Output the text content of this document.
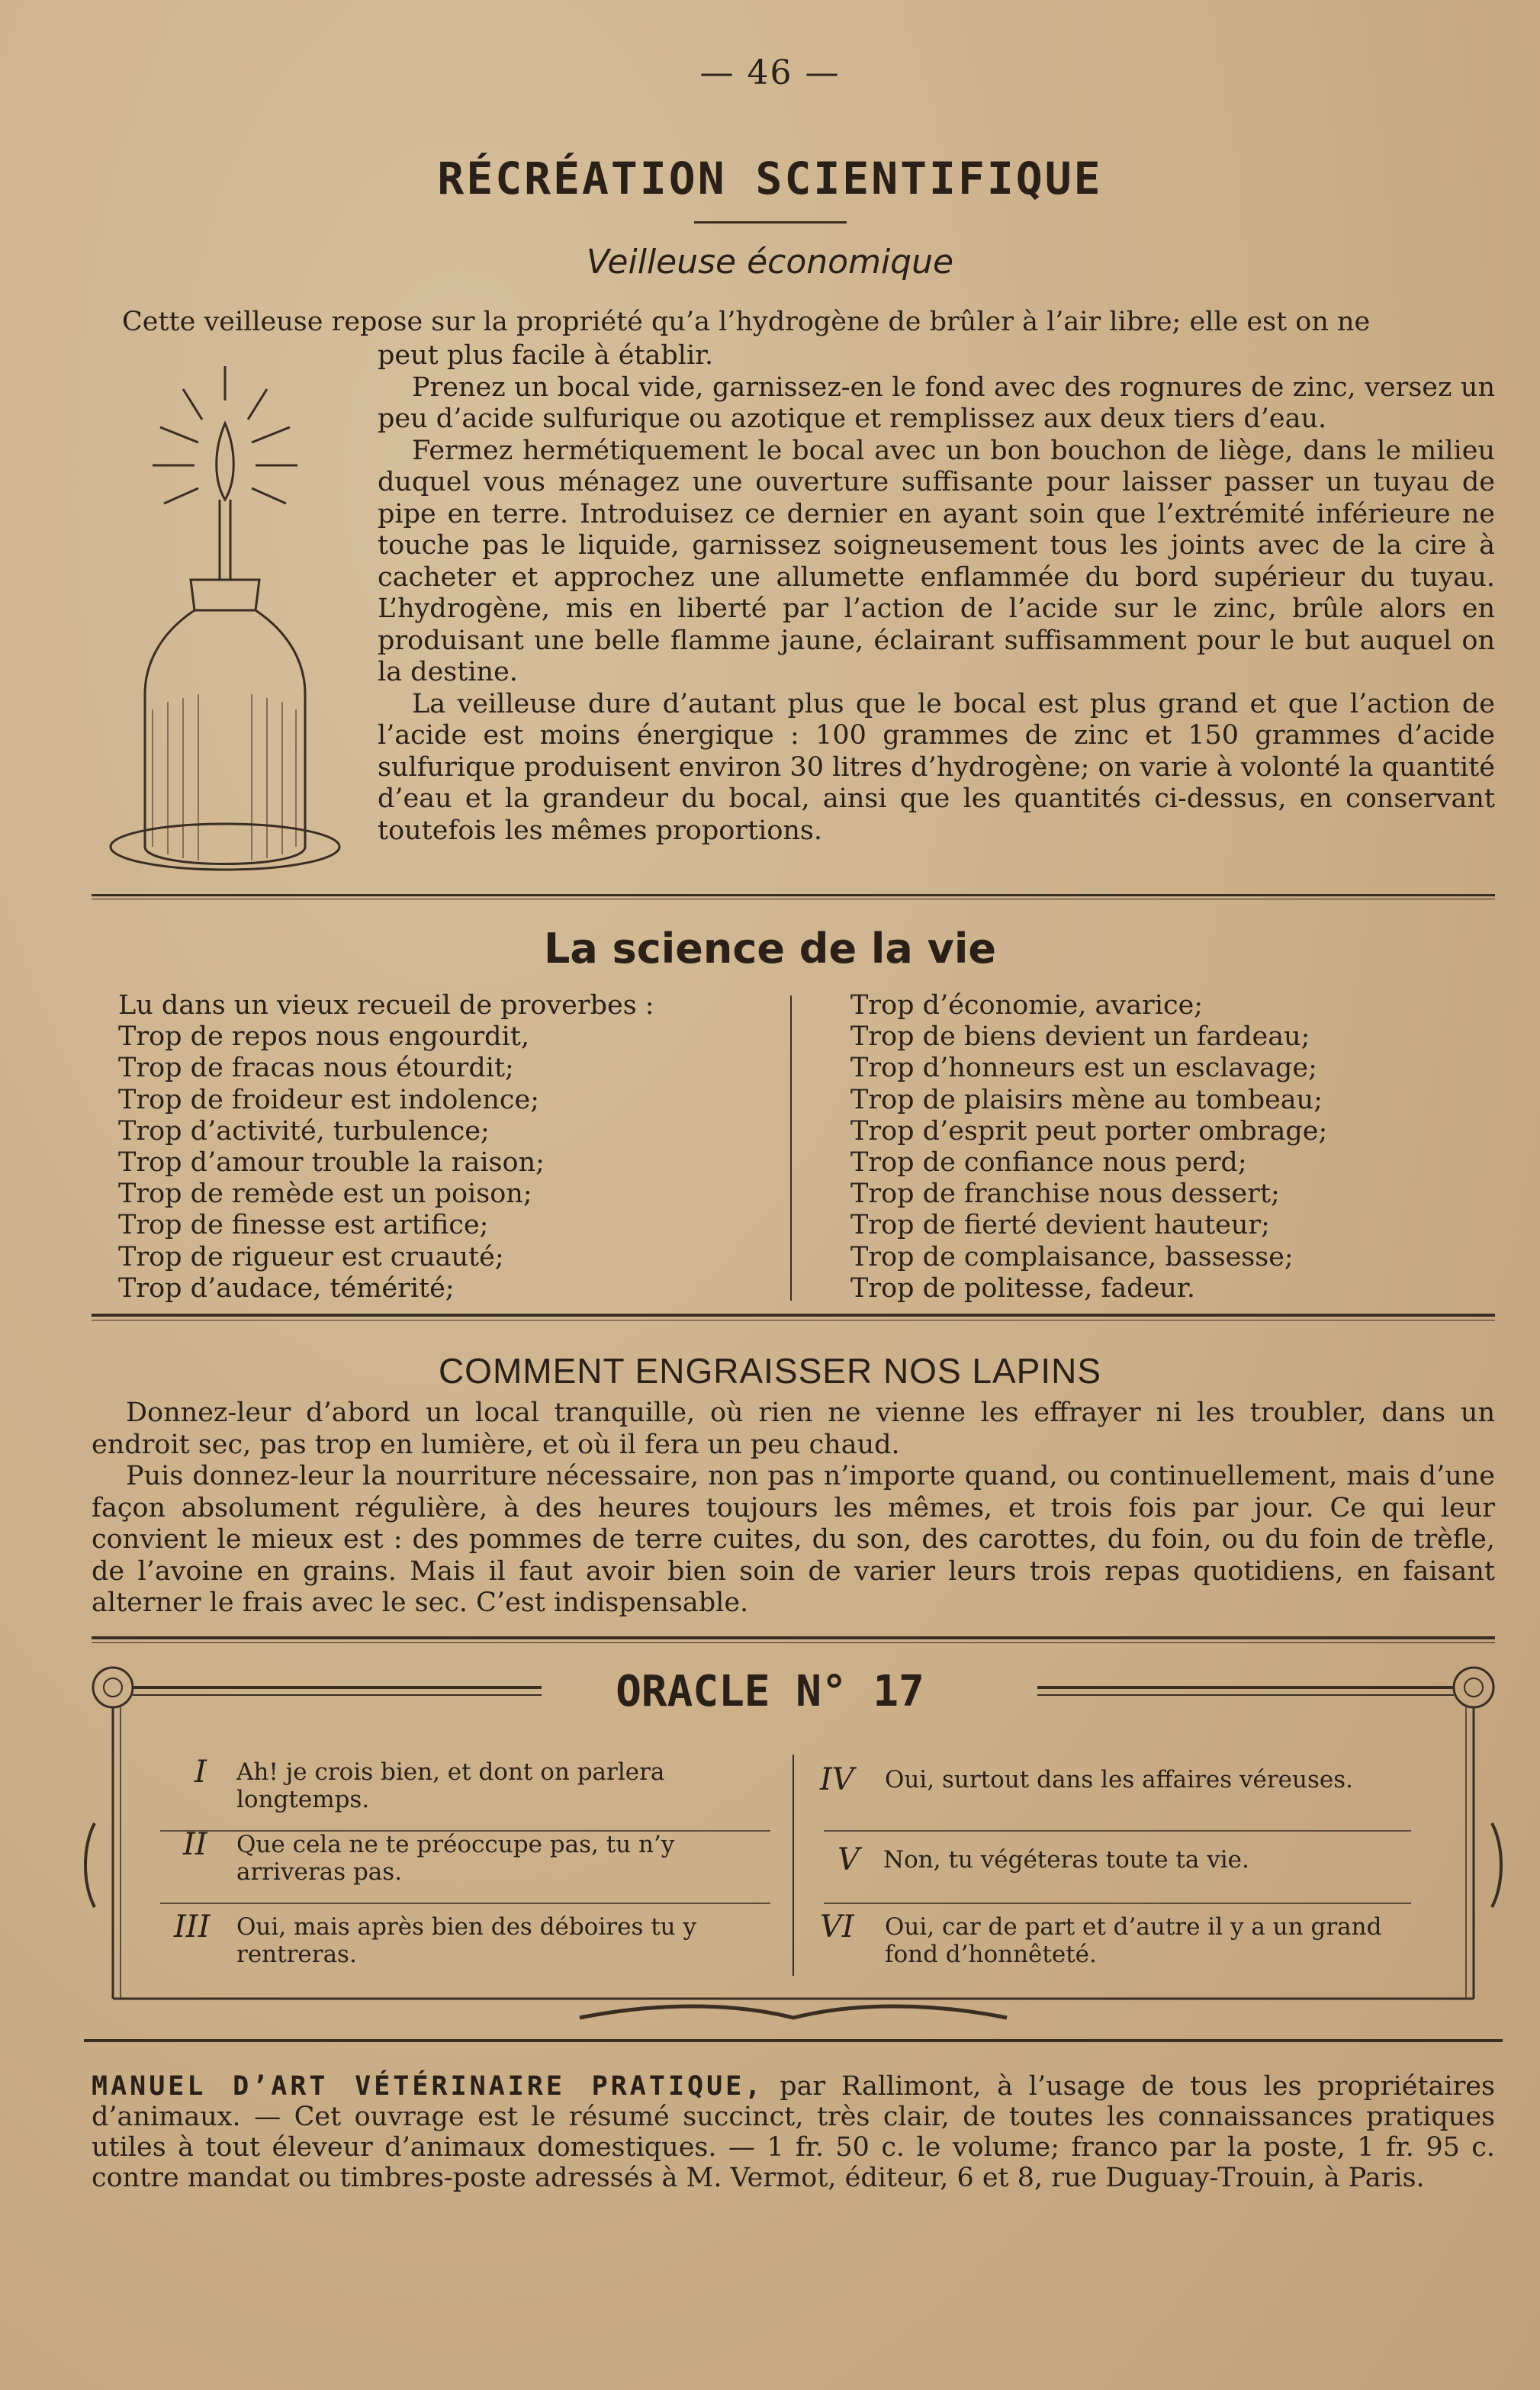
— 46 —
RÉCRÉATION SCIENTIFIQUE
Veilleuse économique
Cette veilleuse repose sur la propriété qu’a l’hydrogène de brûler à l’air libre; elle est on ne

peut plus facile à établir.

Prenez un bocal vide, garnissez-en le fond avec des rognures de zinc, versez un peu d’acide sulfurique ou azotique et remplissez aux deux tiers d’eau.

Fermez hermétiquement le bocal avec un bon bouchon de liège, dans le milieu duquel vous ménagez une ouverture suffisante pour laisser passer un tuyau de pipe en terre. Introduisez ce dernier en ayant soin que l’extrémité inférieure ne touche pas le liquide, garnissez soigneusement tous les joints avec de la cire à cacheter et approchez une allumette enflammée du bord supérieur du tuyau. L’hydrogène, mis en liberté par l’action de l’acide sur le zinc, brûle alors en produisant une belle flamme jaune, éclairant suffisamment pour le but auquel on la destine.

La veilleuse dure d’autant plus que le bocal est plus grand et que l’action de l’acide est moins énergique : 100 grammes de zinc et 150 grammes d’acide sulfurique produisent environ 30 litres d’hydrogène; on varie à volonté la quantité d’eau et la grandeur du bocal, ainsi que les quantités ci-dessus, en conservant toutefois les mêmes proportions.

La science de la vie
Lu dans un vieux recueil de proverbes :
Trop de repos nous engourdit,
Trop de fracas nous étourdit;
Trop de froideur est indolence;
Trop d’activité, turbulence;
Trop d’amour trouble la raison;
Trop de remède est un poison;
Trop de finesse est artifice;
Trop de rigueur est cruauté;
Trop d’audace, témérité;
Trop d’économie, avarice;
Trop de biens devient un fardeau;
Trop d’honneurs est un esclavage;
Trop de plaisirs mène au tombeau;
Trop d’esprit peut porter ombrage;
Trop de confiance nous perd;
Trop de franchise nous dessert;
Trop de fierté devient hauteur;
Trop de complaisance, bassesse;
Trop de politesse, fadeur.
COMMENT ENGRAISSER NOS LAPINS

Donnez-leur d’abord un local tranquille, où rien ne vienne les effrayer ni les troubler, dans un endroit sec, pas trop en lumière, et où il fera un peu chaud.

Puis donnez-leur la nourriture nécessaire, non pas n’importe quand, ou continuellement, mais d’une façon absolument régulière, à des heures toujours les mêmes, et trois fois par jour. Ce qui leur convient le mieux est : des pommes de terre cuites, du son, des carottes, du foin, ou du foin de trèfle, de l’avoine en grains. Mais il faut avoir bien soin de varier leurs trois repas quotidiens, en faisant alterner le frais avec le sec. C’est indispensable.

ORACLE N° 17
I Ah! je crois bien, et dont on parlera longtemps.
II Que cela ne te préoccupe pas, tu n’y arriveras pas.
III Oui, mais après bien des déboires tu y rentreras.
IV Oui, surtout dans les affaires véreuses.
V Non, tu végéteras toute ta vie.
VI Oui, car de part et d’autre il y a un grand fond d’honnêteté.
MANUEL D’ART VÉTÉRINAIRE PRATIQUE, par Rallimont, à l’usage de tous les propriétaires d’animaux. — Cet ouvrage est le résumé succinct, très clair, de toutes les connaissances pratiques utiles à tout éleveur d’animaux domestiques. — 1 fr. 50 c. le volume; franco par la poste, 1 fr. 95 c. contre mandat ou timbres-poste adressés à M. Vermot, éditeur, 6 et 8, rue Duguay-Trouin, à Paris.
